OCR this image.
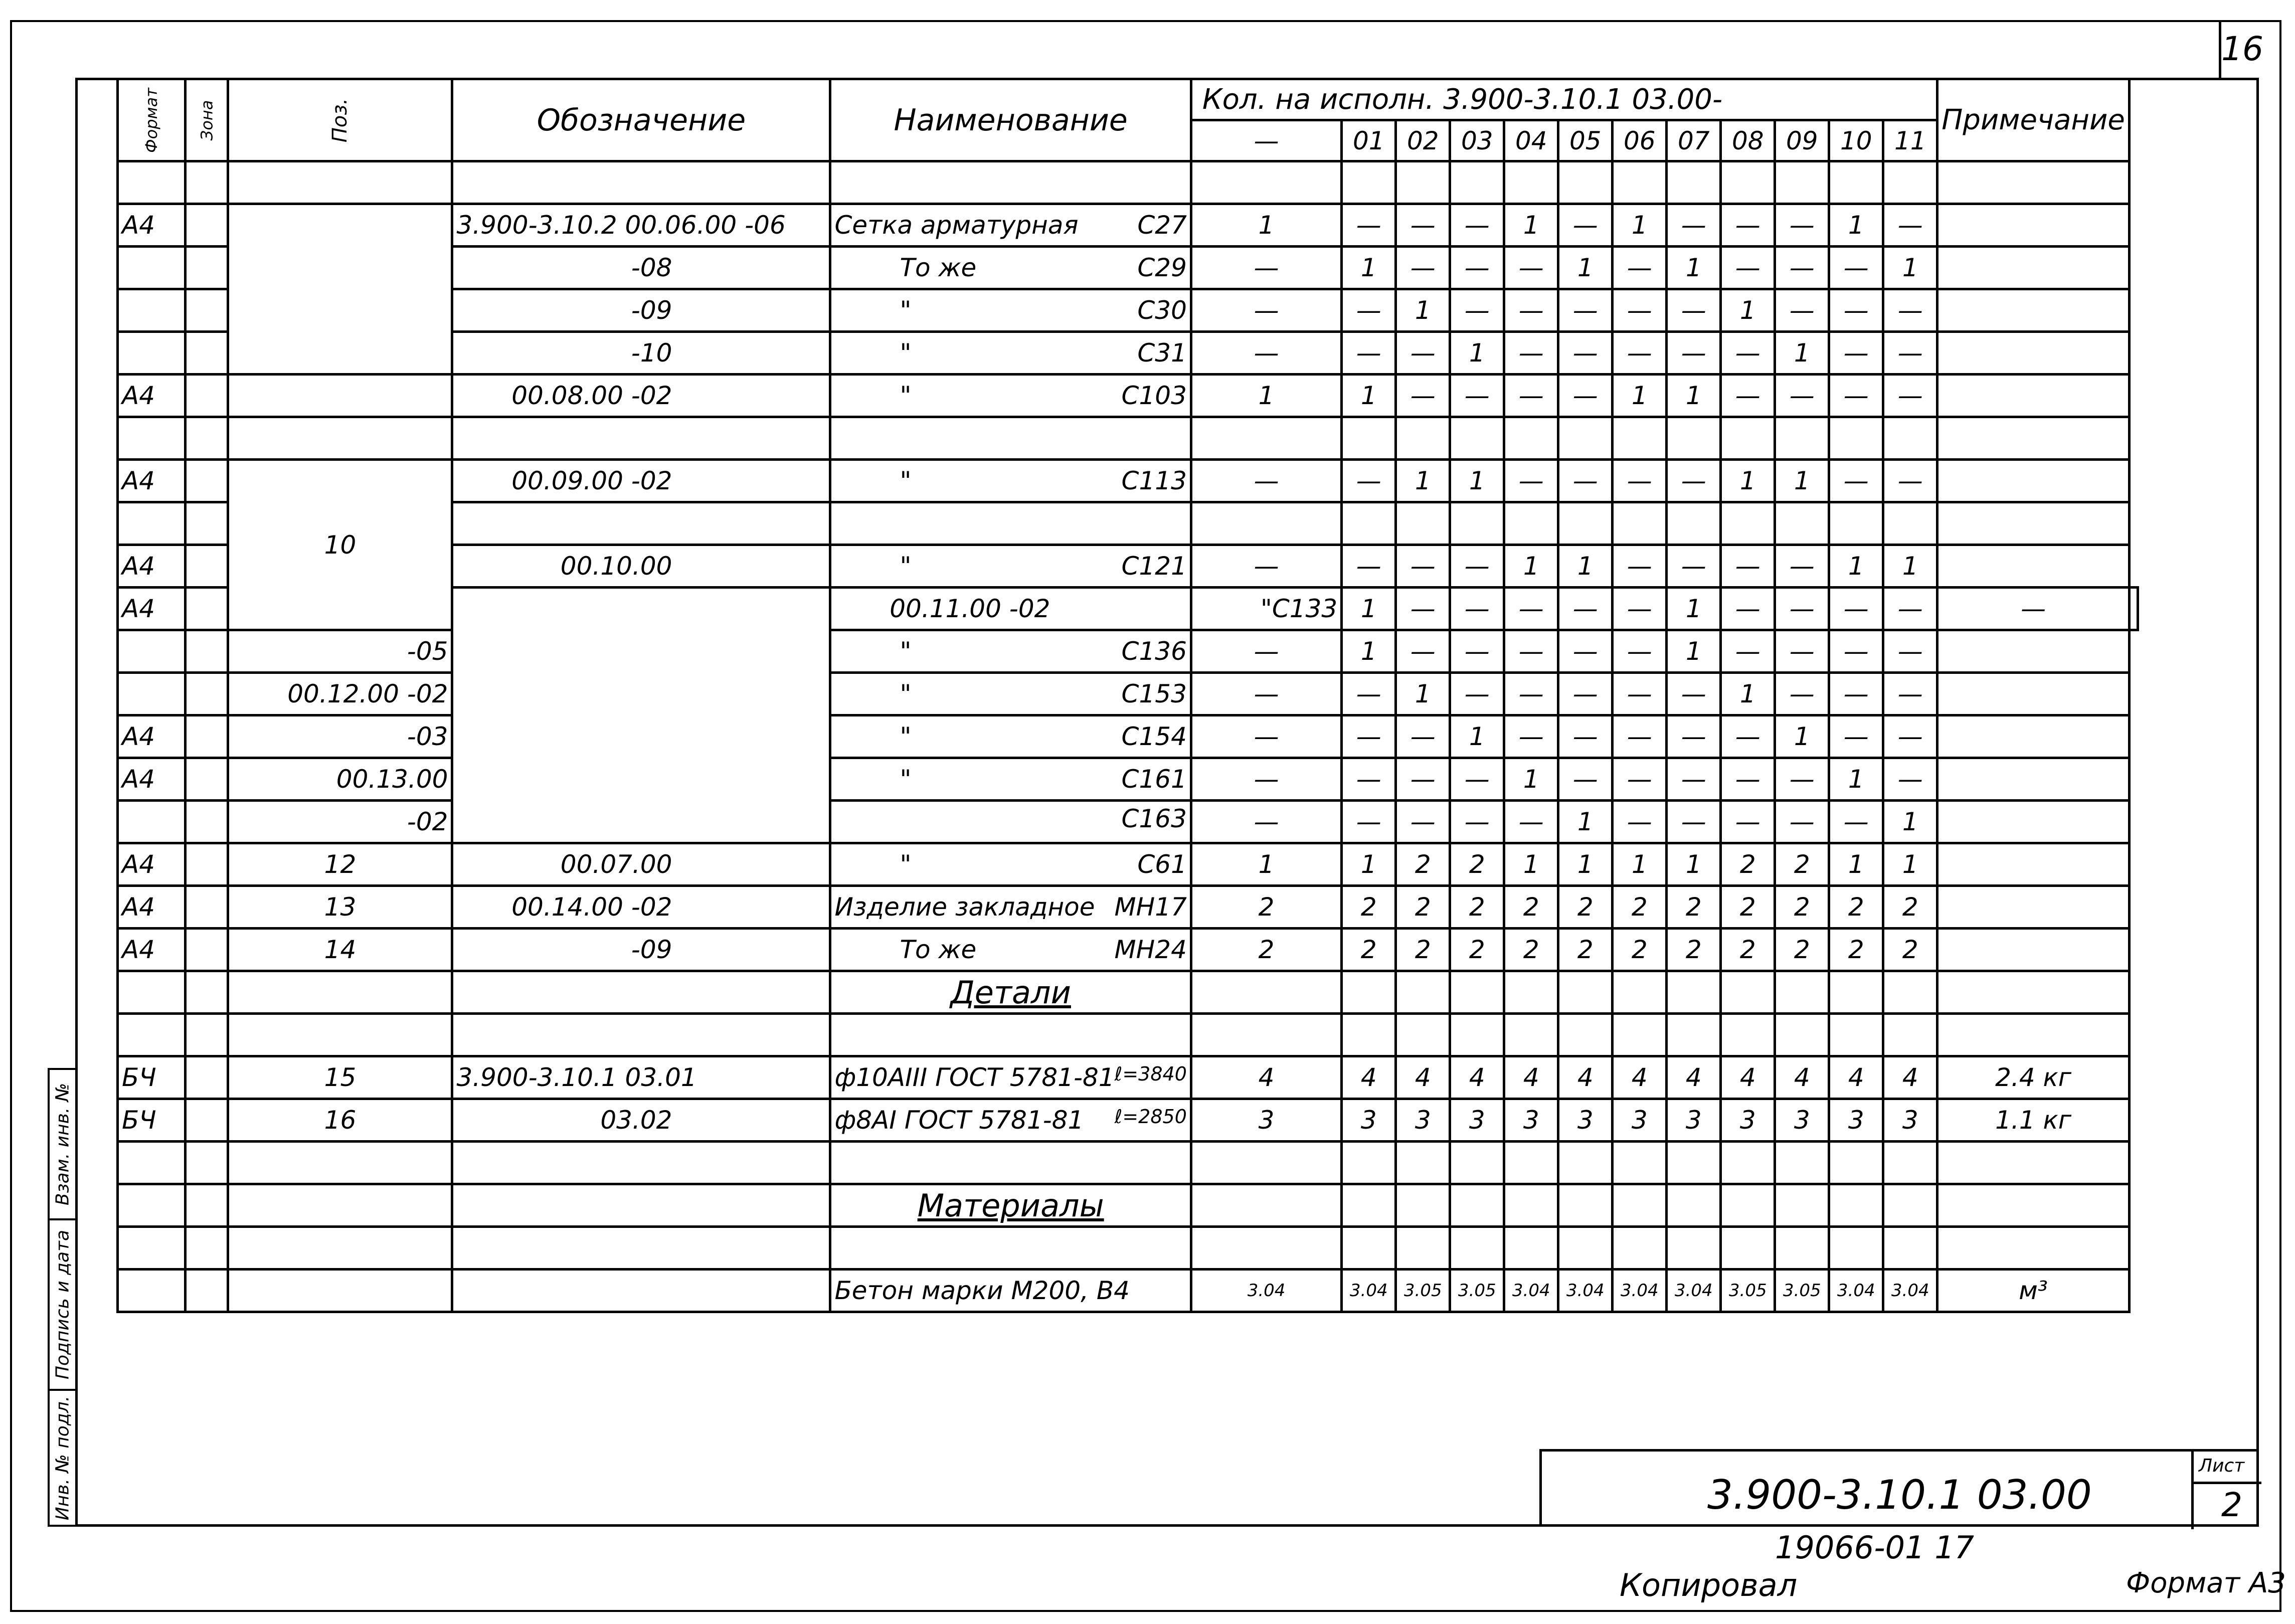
16
Формат	Зона	Поз.	Обозначение	Наименование	Кол. на исполн. 3.900-3.10.1 03.00-												Примечание	
					—	01	02	03	04	05	06	07	08	09	10	11		

А4			3.900-3.10.2 00.06.00 -06	Сетка арматурная С27	1	—	—	—	1	—	1	—	—	—	1	—		
			-08	То же С29	—	1	—	—	—	1	—	1	—	—	—	1		
			-09	" С30	—	—	1	—	—	—	—	—	1	—	—	—		
			-10	" С31	—	—	—	1	—	—	—	—	—	1	—	—		
А4			00.08.00 -02	" С103	1	1	—	—	—	—	1	1	—	—	—	—		

А4		10	00.09.00 -02	" С113	—	—	1	1	—	—	—	—	1	1	—	—		

А4			00.10.00	" С121	—	—	—	—	1	1	—	—	—	—	1	1		
А4				00.11.00 -02	" С133	1	—	—	—	—	—	1	—	—	—	—	—	
		-05		" С136	—	1	—	—	—	—	—	1	—	—	—	—		
		00.12.00 -02		" С153	—	—	1	—	—	—	—	—	1	—	—	—		
А4		-03		" С154	—	—	—	1	—	—	—	—	—	1	—	—		
А4		00.13.00		" С161	—	—	—	—	1	—	—	—	—	—	1	—		
		-02		С163	—	—	—	—	—	1	—	—	—	—	—	1		
А4		12	00.07.00	" С61	1	1	2	2	1	1	1	1	2	2	1	1		
А4		13	00.14.00 -02	Изделие закладное МН17	2	2	2	2	2	2	2	2	2	2	2	2		
А4		14	-09	То же МН24	2	2	2	2	2	2	2	2	2	2	2	2		
				Детали														

БЧ		15	3.900-3.10.1 03.01	ф10АIII ГОСТ 5781-81 ℓ=3840	4	4	4	4	4	4	4	4	4	4	4	4	2.4 кг	
БЧ		16	03.02	ф8АI ГОСТ 5781-81 ℓ=2850	3	3	3	3	3	3	3	3	3	3	3	3	1.1 кг	

				Материалы														

				Бетон марки М200, В4	3.04	3.04	3.05	3.05	3.04	3.04	3.04	3.04	3.05	3.05	3.04	3.04	м³	
Взам. инв. №
Подпись и дата
Инв. № подл.	3.900-3.10.1 03.00
Лист
2
19066-01 17
Копировал	Формат А3
